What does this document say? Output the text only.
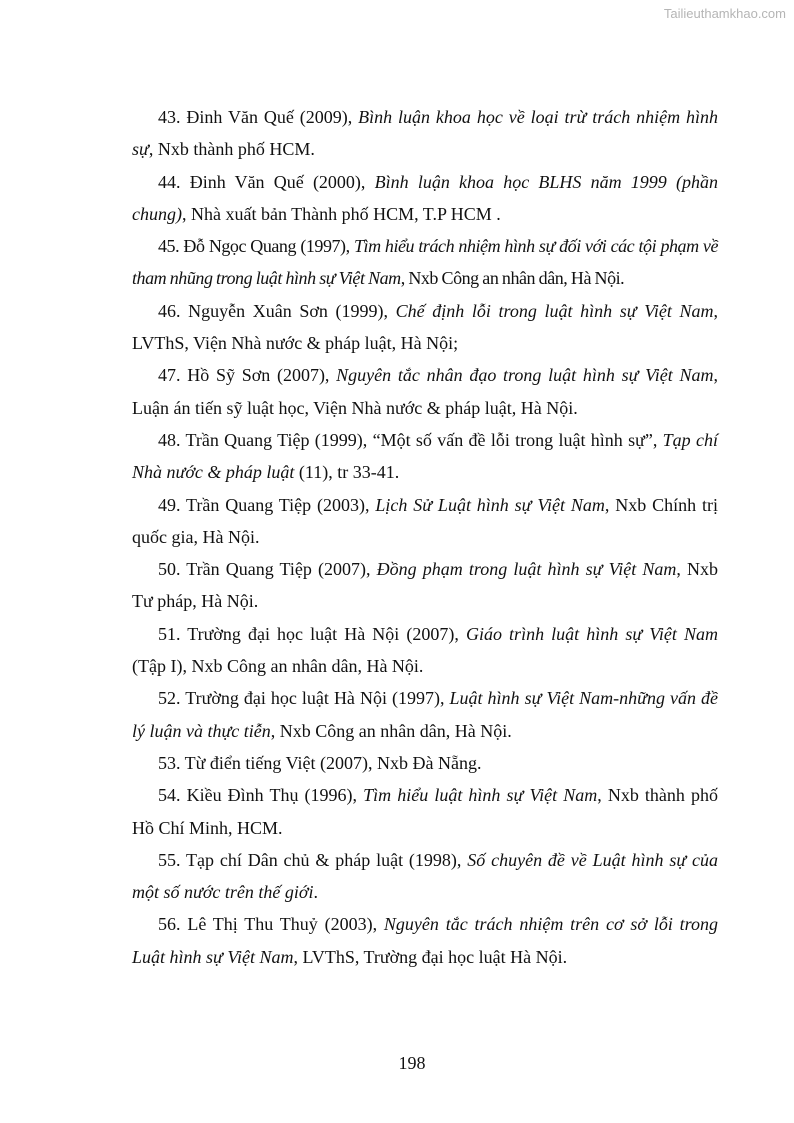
Tailieuthamkhao.com

43. Đinh Văn Quế (2009), Bình luận khoa học về loại trừ trách nhiệm hình sự, Nxb thành phố HCM.

44. Đinh Văn Quế (2000), Bình luận khoa học BLHS năm 1999 (phần chung), Nhà xuất bản Thành phố HCM, T.P HCM .

45. Đỗ Ngọc Quang (1997), Tìm hiểu trách nhiệm hình sự đối với các tội phạm về tham nhũng trong luật hình sự Việt Nam, Nxb Công an nhân dân, Hà Nội.

46. Nguyễn Xuân Sơn (1999), Chế định lỗi trong luật hình sự Việt Nam, LVThS, Viện Nhà nước & pháp luật, Hà Nội;

47. Hồ Sỹ Sơn (2007), Nguyên tắc nhân đạo trong luật hình sự Việt Nam, Luận án tiến sỹ luật học, Viện Nhà nước & pháp luật, Hà Nội.

48. Trần Quang Tiệp (1999), “Một số vấn đề lỗi trong luật hình sự”, Tạp chí Nhà nước & pháp luật (11), tr 33-41.

49. Trần Quang Tiệp (2003), Lịch Sử Luật hình sự Việt Nam, Nxb Chính trị quốc gia, Hà Nội.

50. Trần Quang Tiệp (2007), Đồng phạm trong luật hình sự Việt Nam, Nxb Tư pháp, Hà Nội.

51. Trường đại học luật Hà Nội (2007), Giáo trình luật hình sự Việt Nam (Tập I), Nxb Công an nhân dân, Hà Nội.

52. Trường đại học luật Hà Nội (1997), Luật hình sự Việt Nam-những vấn đề lý luận và thực tiễn, Nxb Công an nhân dân, Hà Nội.

53. Từ điển tiếng Việt (2007), Nxb Đà Nẵng.

54. Kiều Đình Thụ (1996), Tìm hiểu luật hình sự Việt Nam, Nxb thành phố Hồ Chí Minh, HCM.

55. Tạp chí Dân chủ & pháp luật (1998), Số chuyên đề về Luật hình sự của một số nước trên thế giới.

56. Lê Thị Thu Thuỷ (2003), Nguyên tắc trách nhiệm trên cơ sở lỗi trong Luật hình sự Việt Nam, LVThS, Trường đại học luật Hà Nội.

198
